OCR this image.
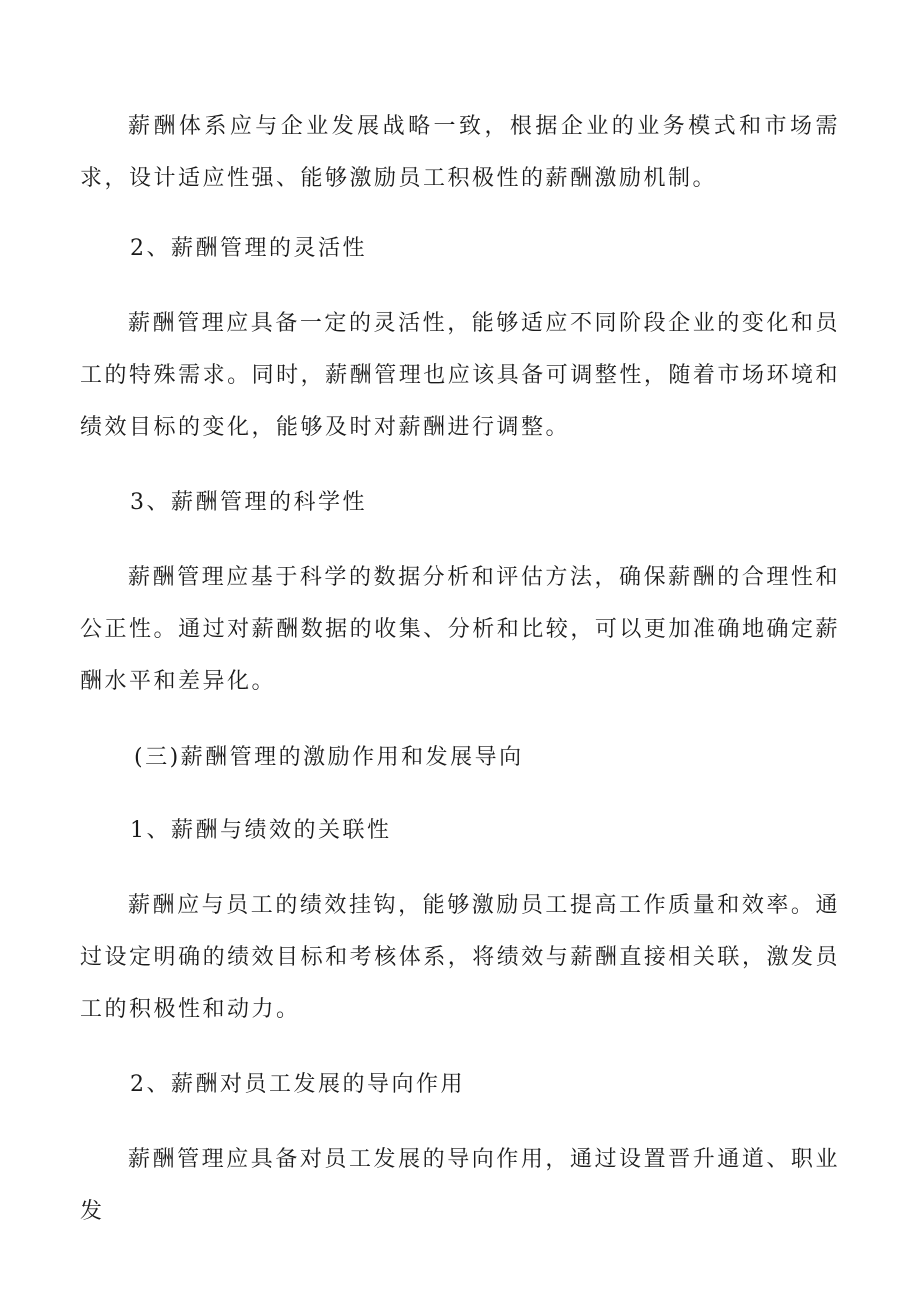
薪酬体系应与企业发展战略一致，根据企业的业务模式和市场需求，设计适应性强、能够激励员工积极性的薪酬激励机制。

2、薪酬管理的灵活性

薪酬管理应具备一定的灵活性，能够适应不同阶段企业的变化和员工的特殊需求。同时，薪酬管理也应该具备可调整性，随着市场环境和绩效目标的变化，能够及时对薪酬进行调整。

3、薪酬管理的科学性

薪酬管理应基于科学的数据分析和评估方法，确保薪酬的合理性和公正性。通过对薪酬数据的收集、分析和比较，可以更加准确地确定薪酬水平和差异化。

(三)薪酬管理的激励作用和发展导向

1、薪酬与绩效的关联性

薪酬应与员工的绩效挂钩，能够激励员工提高工作质量和效率。通过设定明确的绩效目标和考核体系，将绩效与薪酬直接相关联，激发员工的积极性和动力。

2、薪酬对员工发展的导向作用

薪酬管理应具备对员工发展的导向作用，通过设置晋升通道、职业发
